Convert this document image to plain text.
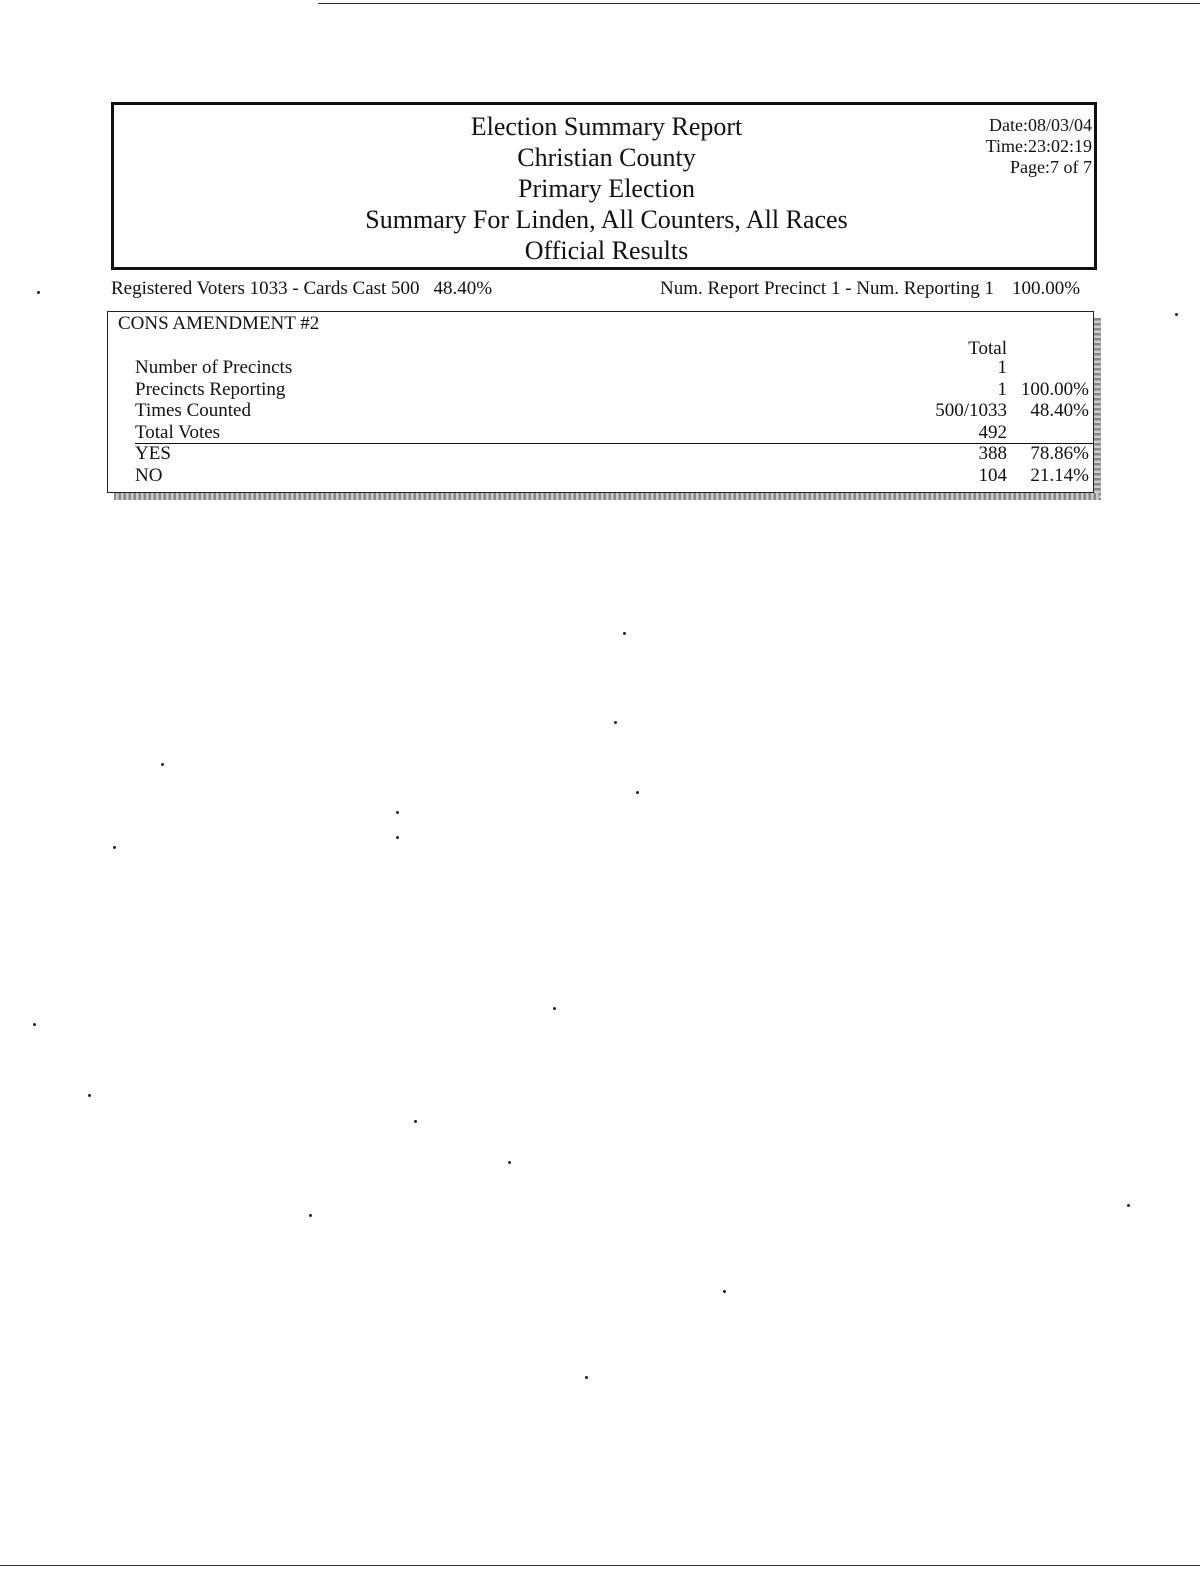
Election Summary Report
Christian County
Primary Election
Summary For Linden, All Counters, All Races
Official Results
Date:08/03/04
Time:23:02:19
Page:7 of 7
Registered Voters 1033 - Cards Cast 500 48.40%	Num. Report Precinct 1 - Num. Reporting 1 100.00%
CONS AMENDMENT #2
Total
Number of Precincts	1
Precincts Reporting	1 100.00%
Times Counted	500/1033 48.40%
Total Votes	492
YES	388 78.86%
NO	104 21.14%
